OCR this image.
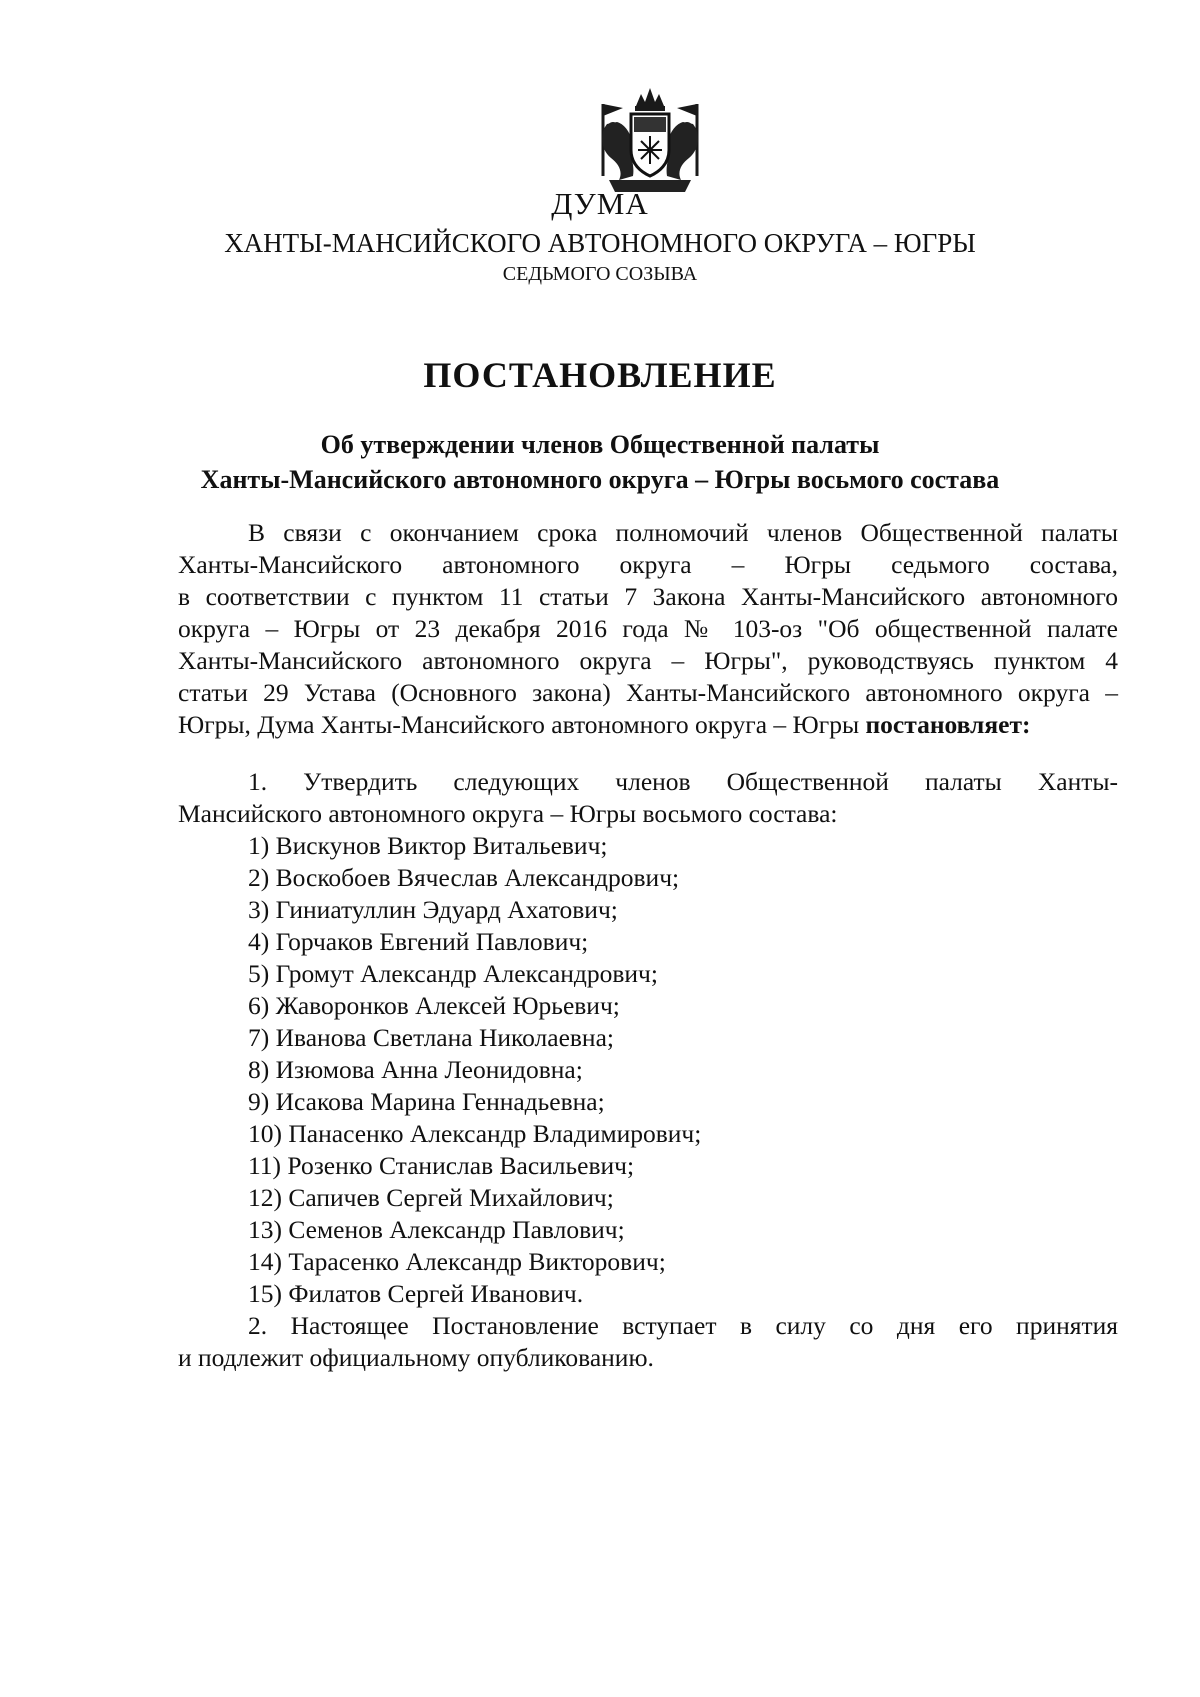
ДУМА
ХАНТЫ-МАНСИЙСКОГО АВТОНОМНОГО ОКРУГА – ЮГРЫ
СЕДЬМОГО СОЗЫВА
ПОСТАНОВЛЕНИЕ
Об утверждении членов Общественной палаты
Ханты-Мансийского автономного округа – Югры восьмого состава
В связи с окончанием срока полномочий членов Общественной палаты
Ханты-Мансийского автономного округа – Югры седьмого состава,
в соответствии с пунктом 11 статьи 7 Закона Ханты-Мансийского автономного
округа – Югры от 23 декабря 2016 года № 103-оз "Об общественной палате
Ханты-Мансийского автономного округа – Югры", руководствуясь пунктом 4
статьи 29 Устава (Основного закона) Ханты-Мансийского автономного округа –
Югры, Дума Ханты-Мансийского автономного округа – Югры постановляет:
1. Утвердить следующих членов Общественной палаты Ханты-
Мансийского автономного округа – Югры восьмого состава:
1) Вискунов Виктор Витальевич;
2) Воскобоев Вячеслав Александрович;
3) Гиниатуллин Эдуард Ахатович;
4) Горчаков Евгений Павлович;
5) Громут Александр Александрович;
6) Жаворонков Алексей Юрьевич;
7) Иванова Светлана Николаевна;
8) Изюмова Анна Леонидовна;
9) Исакова Марина Геннадьевна;
10) Панасенко Александр Владимирович;
11) Розенко Станислав Васильевич;
12) Сапичев Сергей Михайлович;
13) Семенов Александр Павлович;
14) Тарасенко Александр Викторович;
15) Филатов Сергей Иванович.
2. Настоящее Постановление вступает в силу со дня его принятия
и подлежит официальному опубликованию.
